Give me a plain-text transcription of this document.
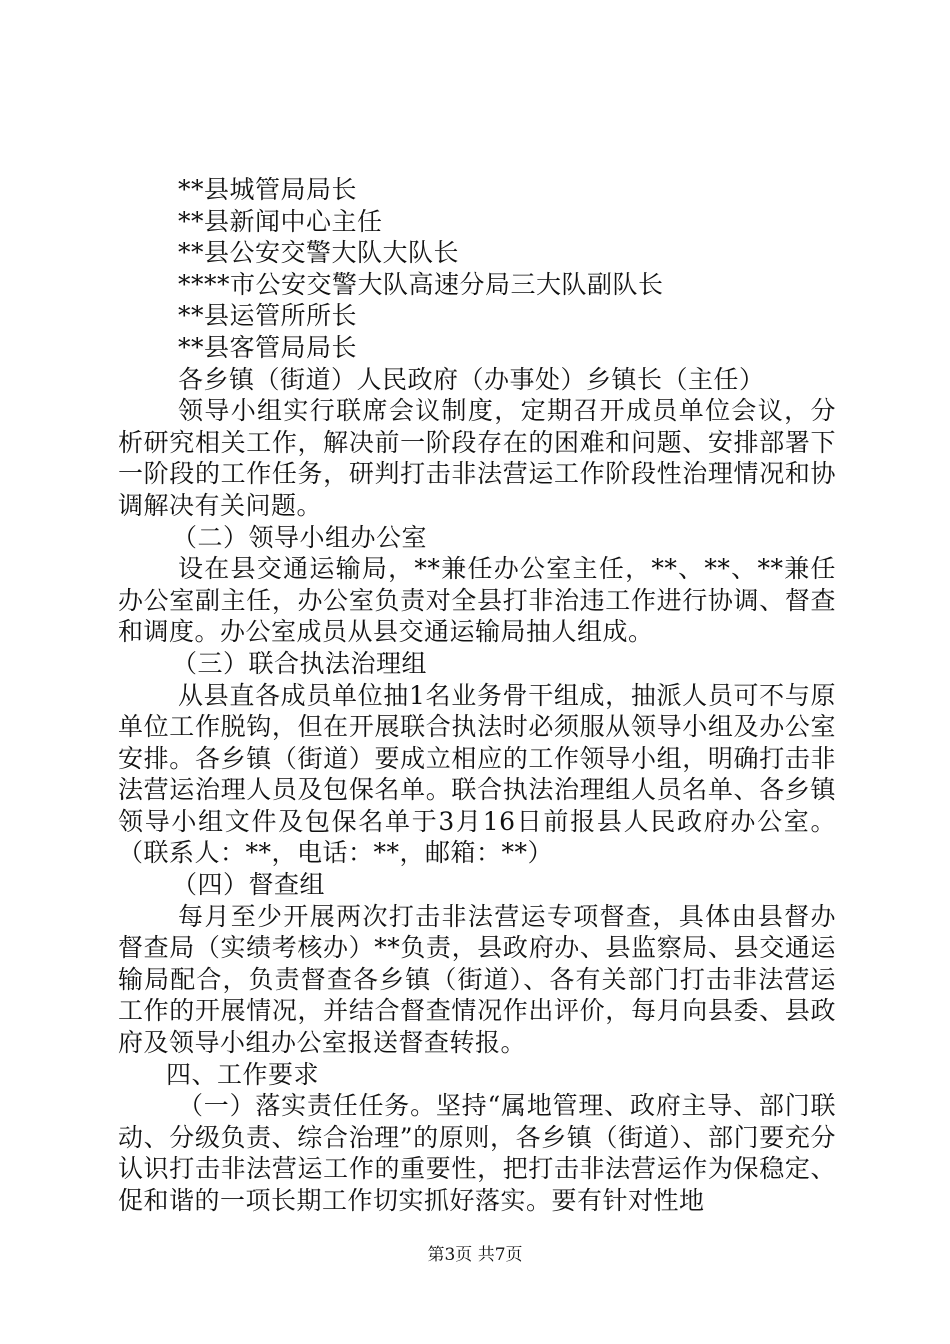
**县城管局局长
**县新闻中心主任
**县公安交警大队大队长
****市公安交警大队高速分局三大队副队长
**县运管所所长
**县客管局局长
各乡镇（街道）人民政府（办事处）乡镇长（主任）
领导小组实行联席会议制度，定期召开成员单位会议，分析研究相关工作，解决前一阶段存在的困难和问题、安排部署下一阶段的工作任务，研判打击非法营运工作阶段性治理情况和协调解决有关问题。
（二）领导小组办公室
设在县交通运输局，**兼任办公室主任，**、**、**兼任办公室副主任，办公室负责对全县打非治违工作进行协调、督查和调度。办公室成员从县交通运输局抽人组成。
（三）联合执法治理组
从县直各成员单位抽1名业务骨干组成，抽派人员可不与原单位工作脱钩，但在开展联合执法时必须服从领导小组及办公室安排。各乡镇（街道）要成立相应的工作领导小组，明确打击非法营运治理人员及包保名单。联合执法治理组人员名单、各乡镇领导小组文件及包保名单于3月16日前报县人民政府办公室。（联系人：**，电话：**，邮箱：**）
（四）督查组
每月至少开展两次打击非法营运专项督查，具体由县督办督查局（实绩考核办）**负责，县政府办、县监察局、县交通运输局配合，负责督查各乡镇（街道）、各有关部门打击非法营运工作的开展情况，并结合督查情况作出评价，每月向县委、县政府及领导小组办公室报送督查转报。
四、工作要求
（一）落实责任任务。坚持“属地管理、政府主导、部门联动、分级负责、综合治理”的原则，各乡镇（街道）、部门要充分认识打击非法营运工作的重要性，把打击非法营运作为保稳定、促和谐的一项长期工作切实抓好落实。要有针对性地
第3页 共7页
